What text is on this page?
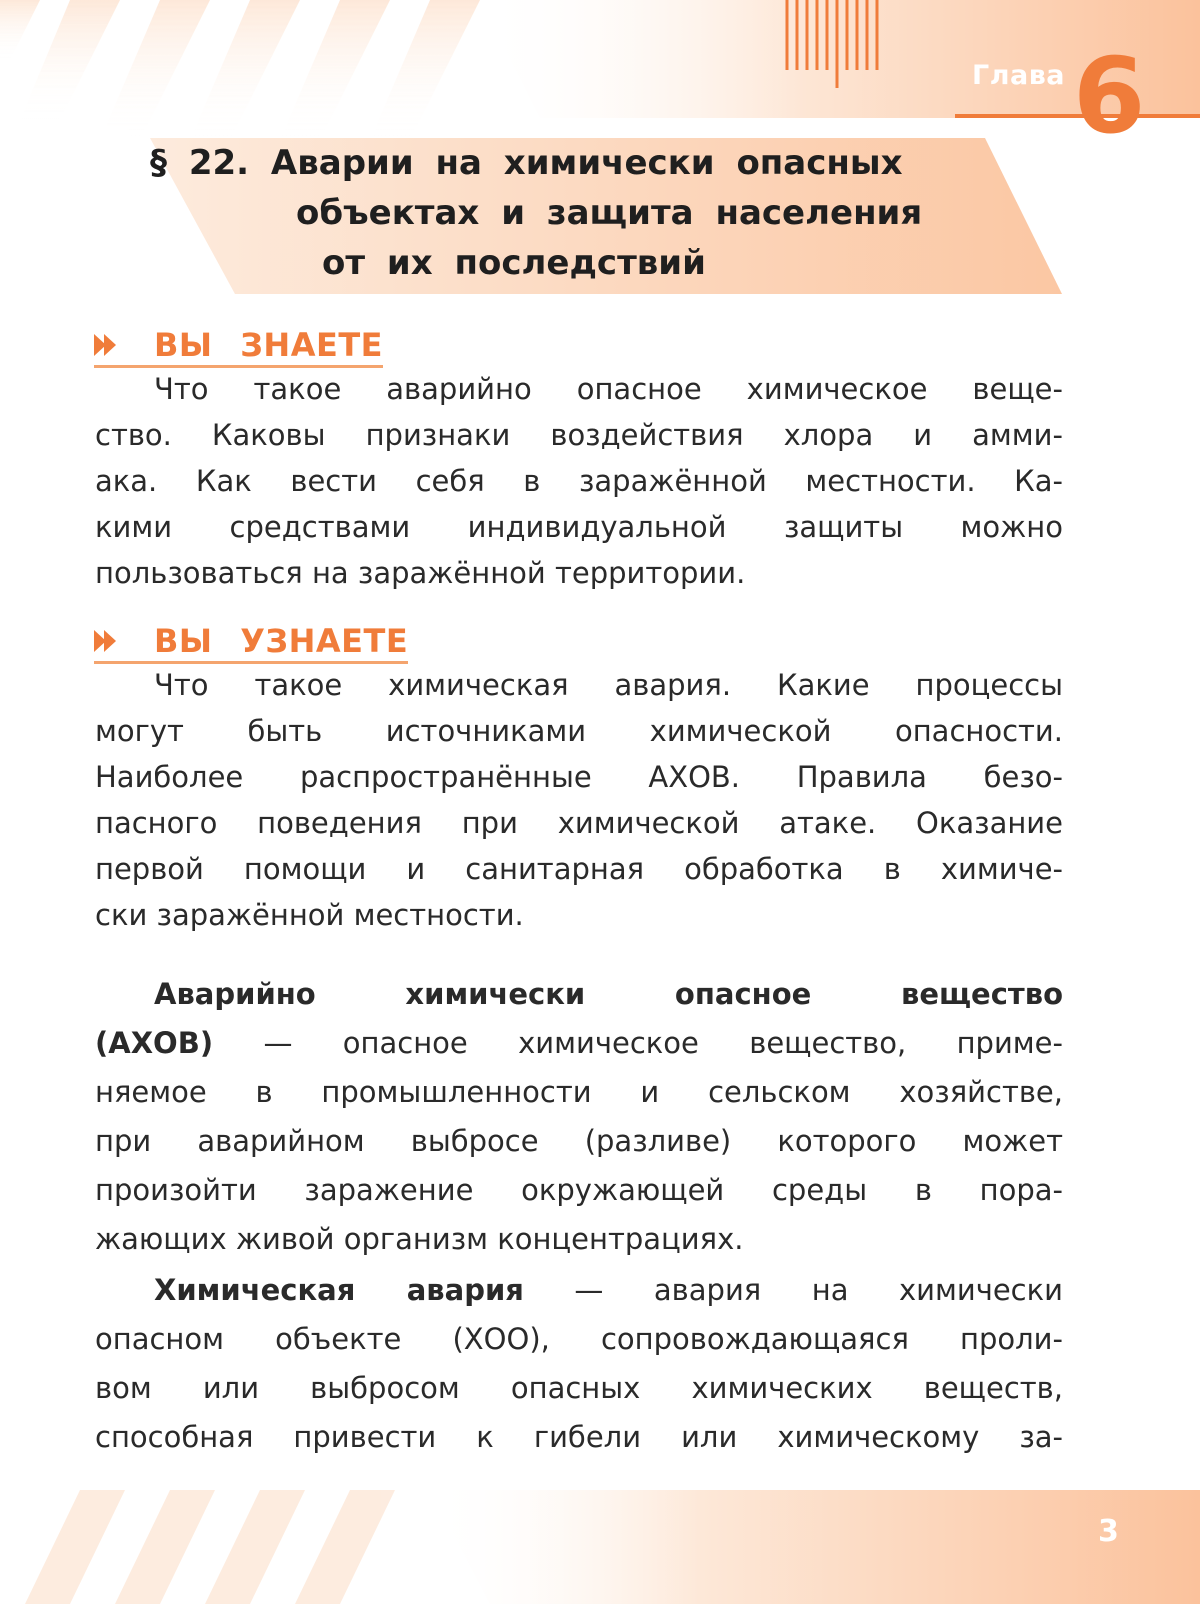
Глава 6
§ 22. Аварии на химически опасных
объектах и защита населения
от их последствий
ВЫ ЗНАЕТЕ
Что такое аварийно опасное химическое веще-
ство. Каковы признаки воздействия хлора и амми-
ака. Как вести себя в заражённой местности. Ка-
кими средствами индивидуальной защиты можно
пользоваться на заражённой территории.
ВЫ УЗНАЕТЕ
Что такое химическая авария. Какие процессы
могут быть источниками химической опасности.
Наиболее распространённые АХОВ. Правила безо-
пасного поведения при химической атаке. Оказание
первой помощи и санитарная обработка в химиче-
ски заражённой местности.
Аварийно химически опасное вещество
(АХОВ) — опасное химическое вещество, приме-
няемое в промышленности и сельском хозяйстве,
при аварийном выбросе (разливе) которого может
произойти заражение окружающей среды в пора-
жающих живой организм концентрациях.
Химическая авария — авария на химически
опасном объекте (ХОО), сопровождающаяся проли-
вом или выбросом опасных химических веществ,
способная привести к гибели или химическому за-
3
